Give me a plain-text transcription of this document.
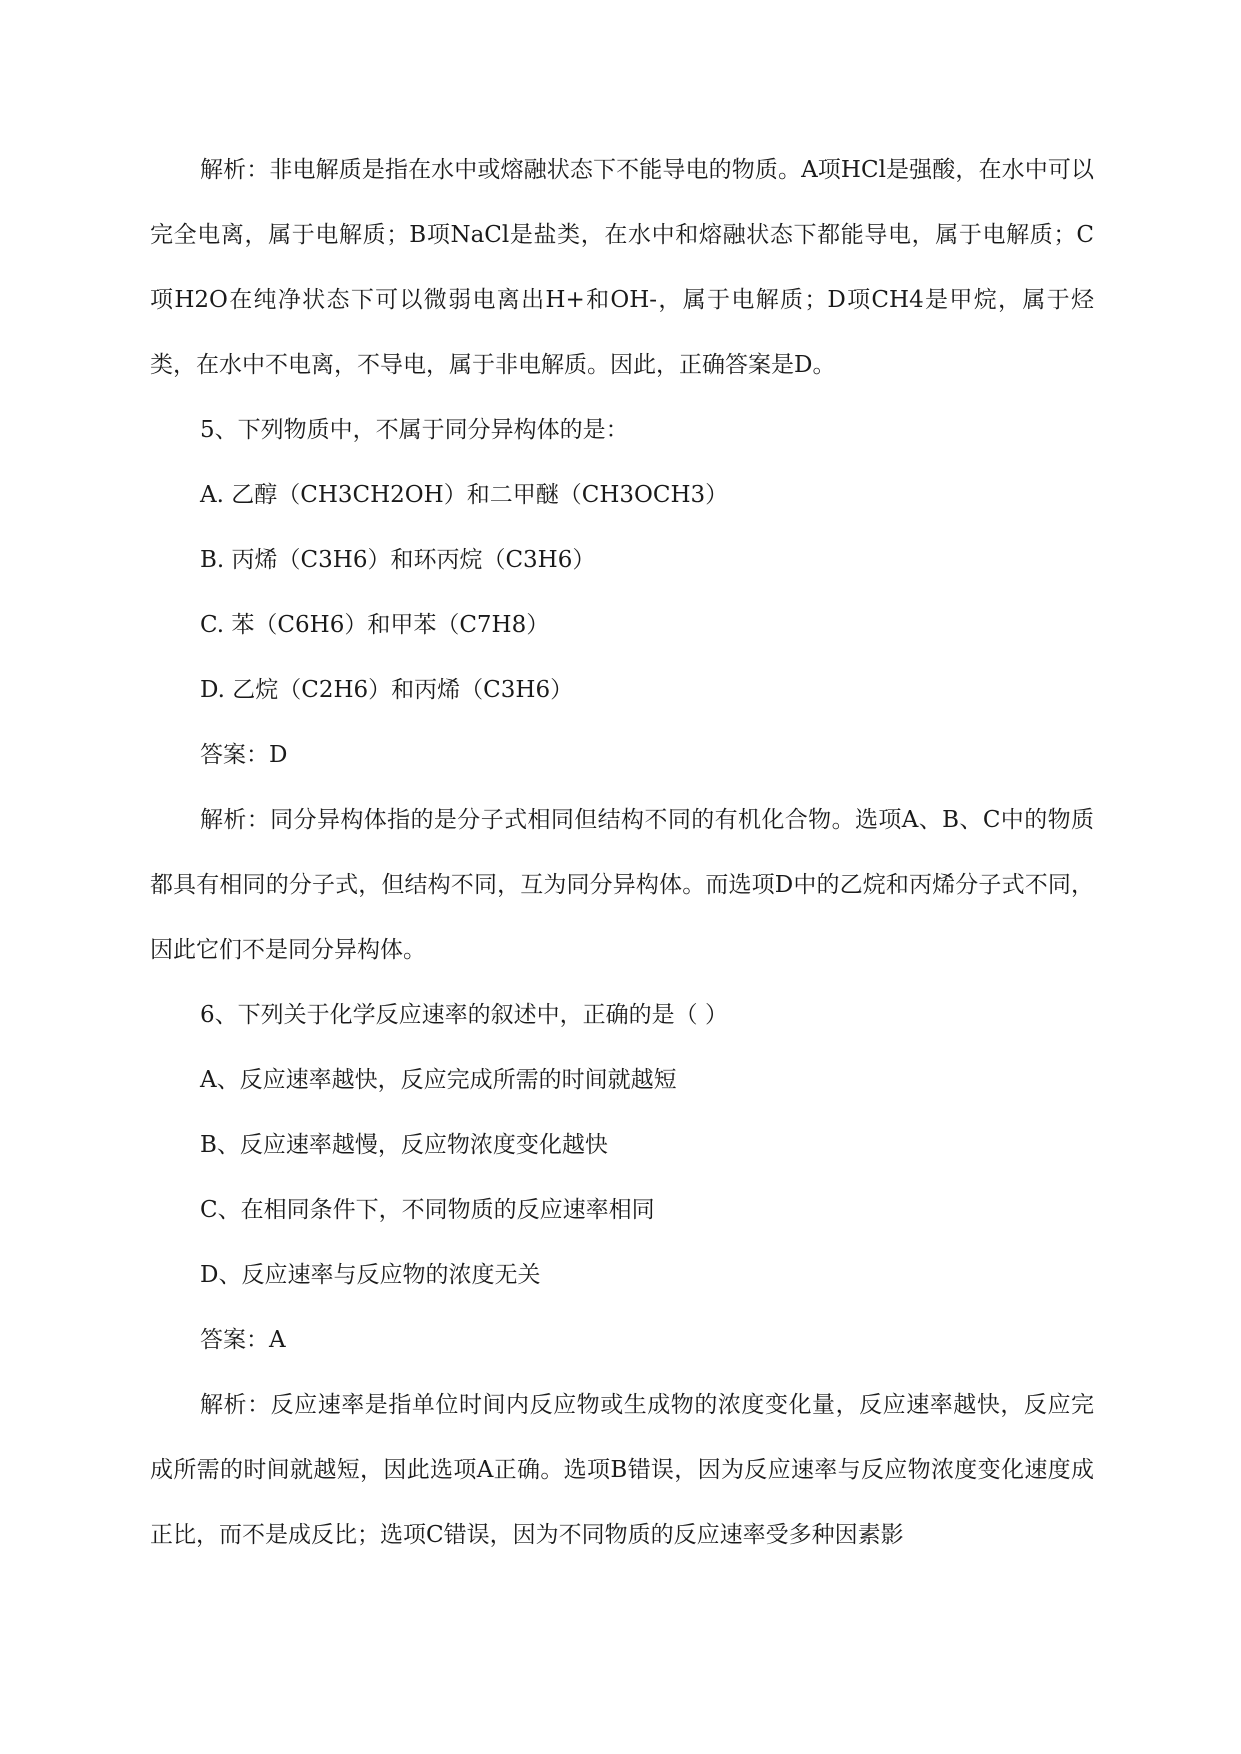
解析：非电解质是指在水中或熔融状态下不能导电的物质。A项HCl是强酸，在水中可以完全电离，属于电解质；B项NaCl是盐类，在水中和熔融状态下都能导电，属于电解质；C项H2O在纯净状态下可以微弱电离出H+和OH-，属于电解质；D项CH4是甲烷，属于烃类，在水中不电离，不导电，属于非电解质。因此，正确答案是D。

5、下列物质中，不属于同分异构体的是：

A. 乙醇（CH3CH2OH）和二甲醚（CH3OCH3）

B. 丙烯（C3H6）和环丙烷（C3H6）

C. 苯（C6H6）和甲苯（C7H8）

D. 乙烷（C2H6）和丙烯（C3H6）

答案：D

解析：同分异构体指的是分子式相同但结构不同的有机化合物。选项A、B、C中的物质都具有相同的分子式，但结构不同，互为同分异构体。而选项D中的乙烷和丙烯分子式不同，因此它们不是同分异构体。

6、下列关于化学反应速率的叙述中，正确的是（ ）

A、反应速率越快，反应完成所需的时间就越短

B、反应速率越慢，反应物浓度变化越快

C、在相同条件下，不同物质的反应速率相同

D、反应速率与反应物的浓度无关

答案：A

解析：反应速率是指单位时间内反应物或生成物的浓度变化量，反应速率越快，反应完成所需的时间就越短，因此选项A正确。选项B错误，因为反应速率与反应物浓度变化速度成正比，而不是成反比；选项C错误，因为不同物质的反应速率受多种因素影
